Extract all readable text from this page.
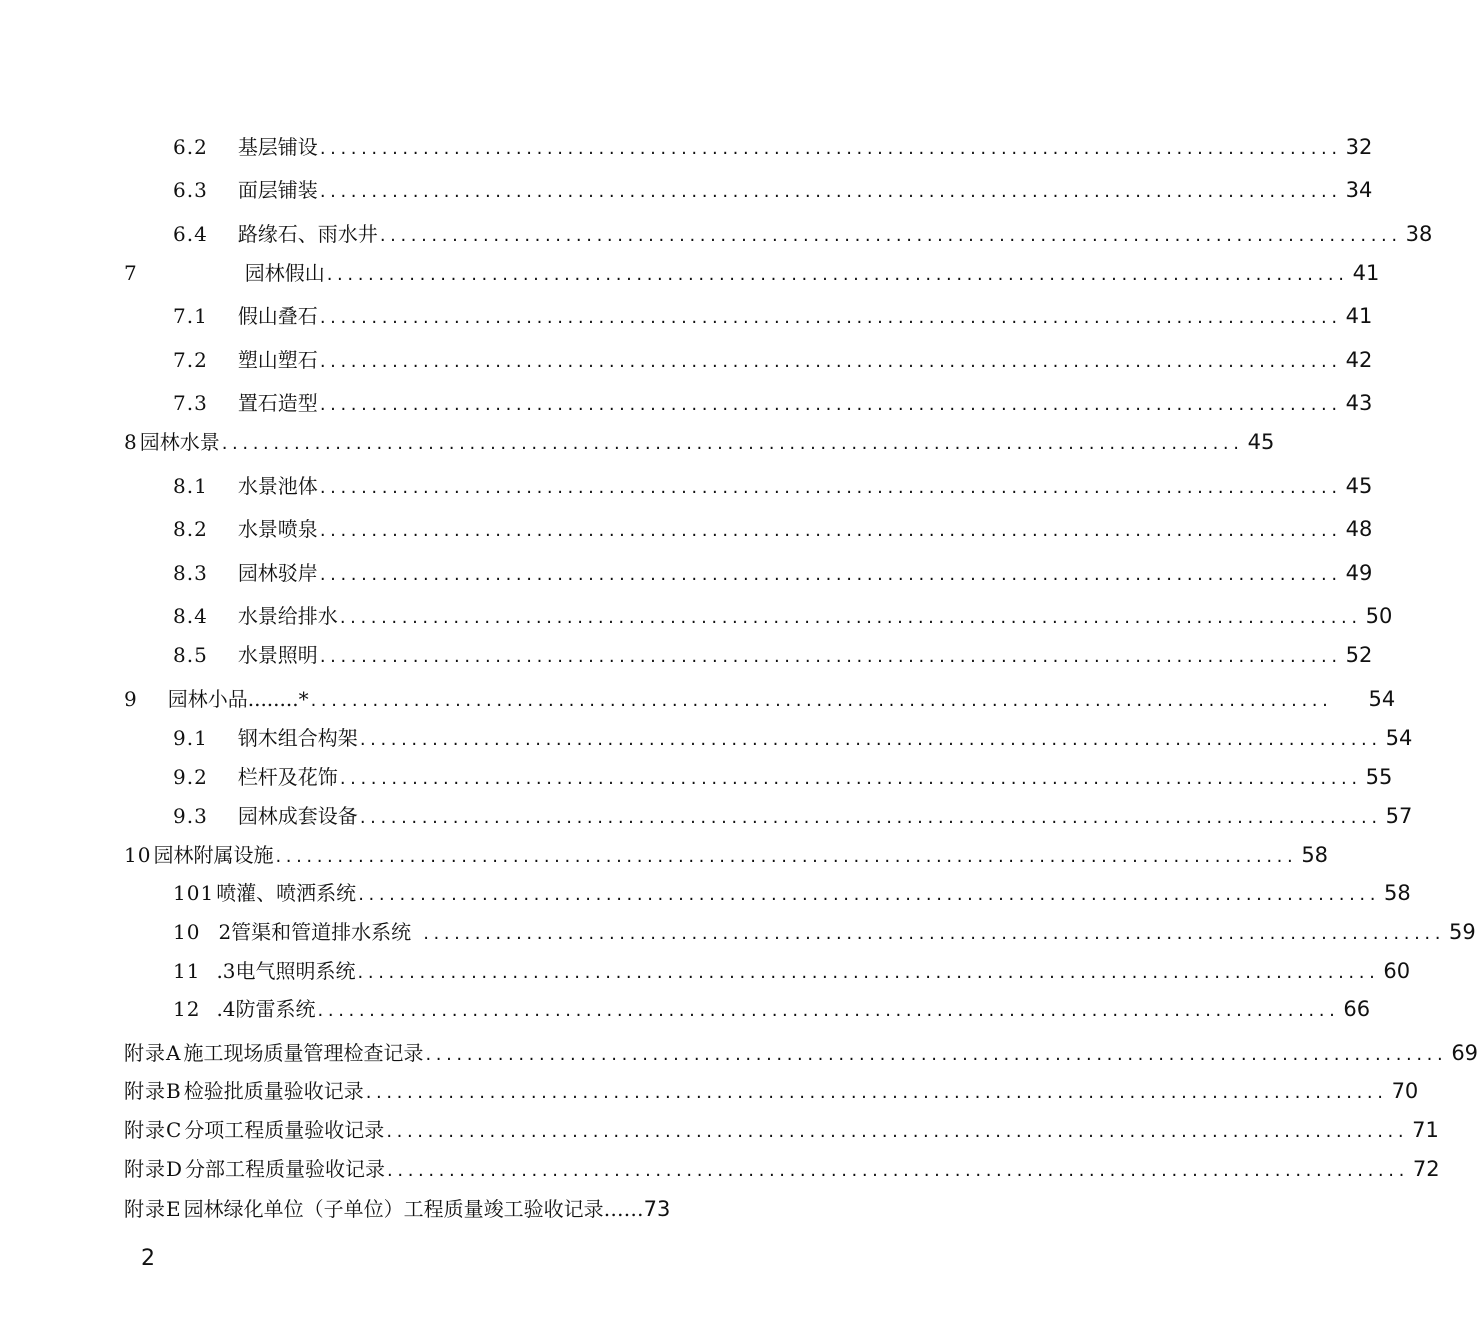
6.2 基层铺设 ................................................................................................... 32
6.3 面层铺装 ................................................................................................... 34
6.4 路缘石、雨水井 ................................................................................................... 38
7	园林假山 ................................................................................................... 41
7.1 假山叠石 ................................................................................................... 41
7.2 塑山塑石 ................................................................................................... 42
7.3 置石造型 ................................................................................................... 43
8 园林水景 ................................................................................................... 45
8.1 水景池体 ................................................................................................... 45
8.2 水景喷泉 ................................................................................................... 48
8.3 园林驳岸 ................................................................................................... 49
8.4 水景给排水 ................................................................................................... 50
8.5 水景照明 ................................................................................................... 52
9 园林小品........* ................................................................................................... 54
9.1 钢木组合构架 ................................................................................................... 54
9.2 栏杆及花饰 ................................................................................................... 55
9.3 园林成套设备 ................................................................................................... 57
10 园林附属设施 ................................................................................................... 58
101 喷灌、喷洒系统 ................................................................................................... 58
10 2管渠和管道排水系统 ................................................................................................... 59
11 .3电气照明系统 ................................................................................................... 60
12 .4防雷系统 ................................................................................................... 66
附录A 施工现场质量管理检查记录 ................................................................................................... 69
附录B 检验批质量验收记录 ................................................................................................... 70
附录C 分项工程质量验收记录 ................................................................................................... 71
附录D 分部工程质量验收记录 ................................................................................................... 72
附录E 园林绿化单位（子单位）工程质量竣工验收记录…… 73
2
